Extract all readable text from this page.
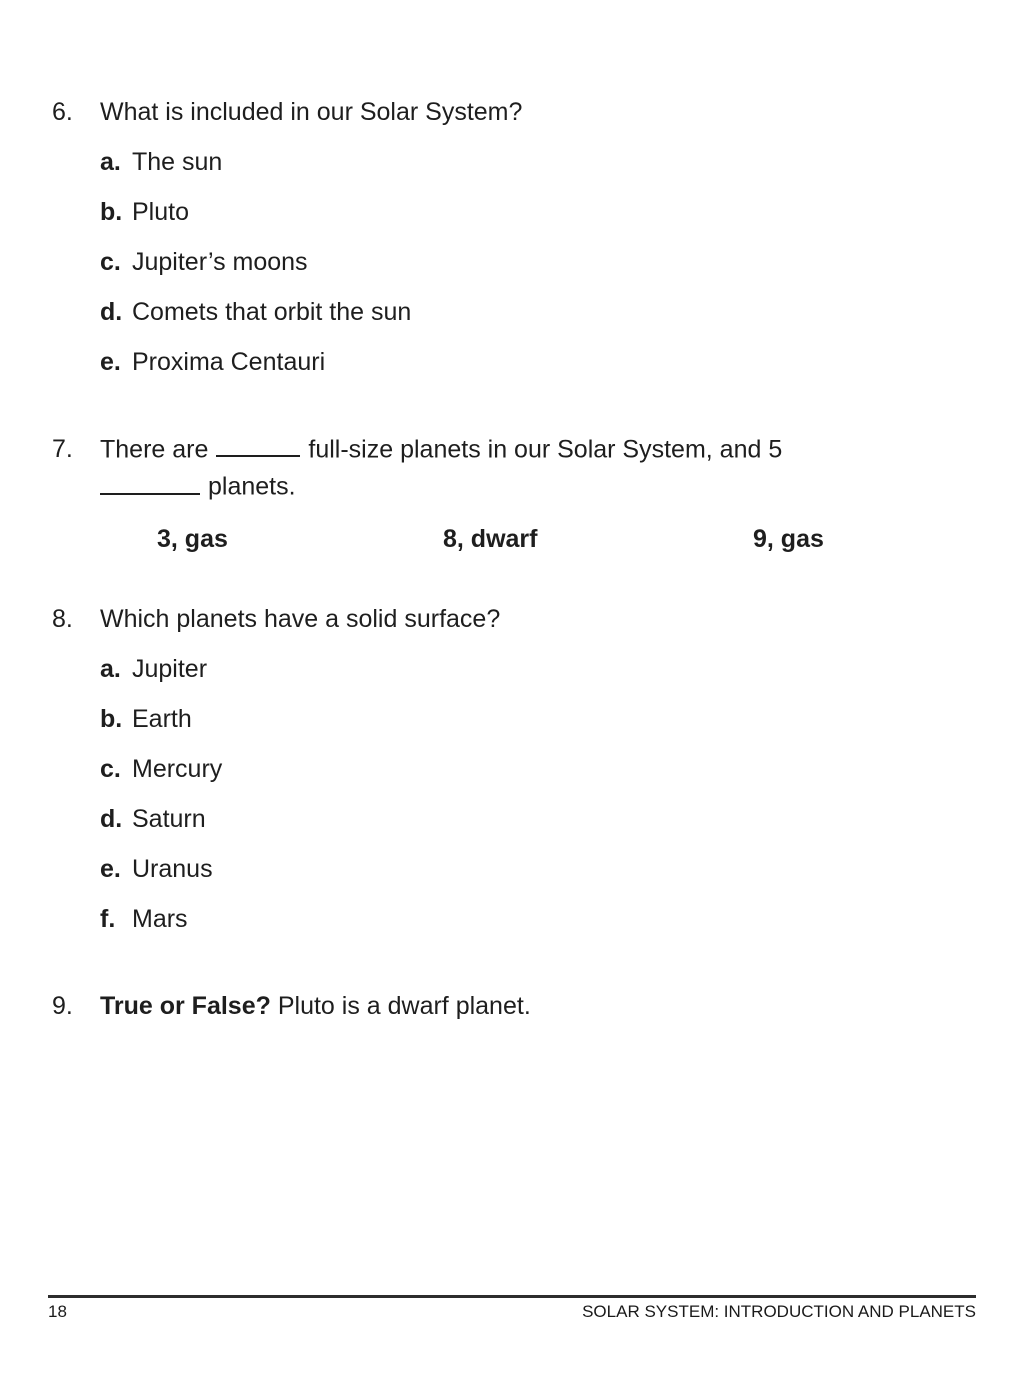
6.	What is included in our Solar System?
a. The sun
b. Pluto
c. Jupiter’s moons
d. Comets that orbit the sun
e. Proxima Centauri
7.	There are	full-size planets in our Solar System, and 5
planets.
3, gas	8, dwarf	9, gas
8.	Which planets have a solid surface?
a. Jupiter
b. Earth
c. Mercury
d. Saturn
e. Uranus
f. Mars
9.	True or False? Pluto is a dwarf planet.
18	SOLAR SYSTEM: INTRODUCTION AND PLANETS
